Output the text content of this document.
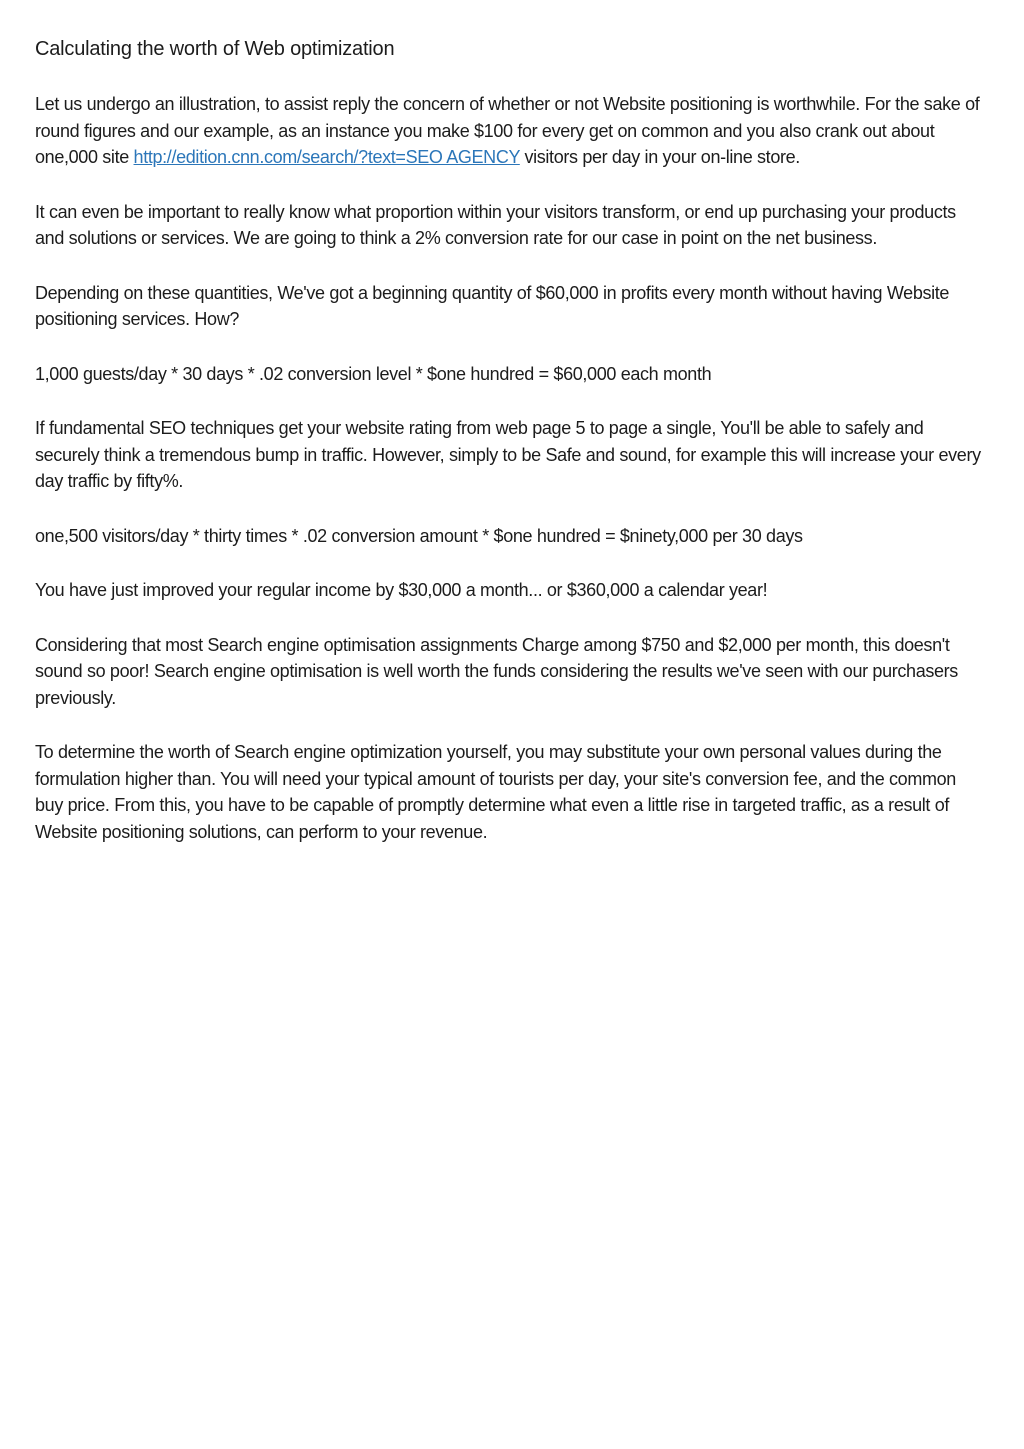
Calculating the worth of Web optimization

Let us undergo an illustration, to assist reply the concern of whether or not Website positioning is worthwhile. For the sake of round figures and our example, as an instance you make $100 for every get on common and you also crank out about one,000 site http://edition.cnn.com/search/?text=SEO AGENCY visitors per day in your on-line store.

It can even be important to really know what proportion within your visitors transform, or end up purchasing your products and solutions or services. We are going to think a 2% conversion rate for our case in point on the net business.

Depending on these quantities, We've got a beginning quantity of $60,000 in profits every month without having Website positioning services. How?

1,000 guests/day * 30 days * .02 conversion level * $one hundred = $60,000 each month

If fundamental SEO techniques get your website rating from web page 5 to page a single, You'll be able to safely and securely think a tremendous bump in traffic. However, simply to be Safe and sound, for example this will increase your every day traffic by fifty%.

one,500 visitors/day * thirty times * .02 conversion amount * $one hundred = $ninety,000 per 30 days

You have just improved your regular income by $30,000 a month... or $360,000 a calendar year!

Considering that most Search engine optimisation assignments Charge among $750 and $2,000 per month, this doesn't sound so poor! Search engine optimisation is well worth the funds considering the results we've seen with our purchasers previously.

To determine the worth of Search engine optimization yourself, you may substitute your own personal values during the formulation higher than. You will need your typical amount of tourists per day, your site's conversion fee, and the common buy price. From this, you have to be capable of promptly determine what even a little rise in targeted traffic, as a result of Website positioning solutions, can perform to your revenue.
